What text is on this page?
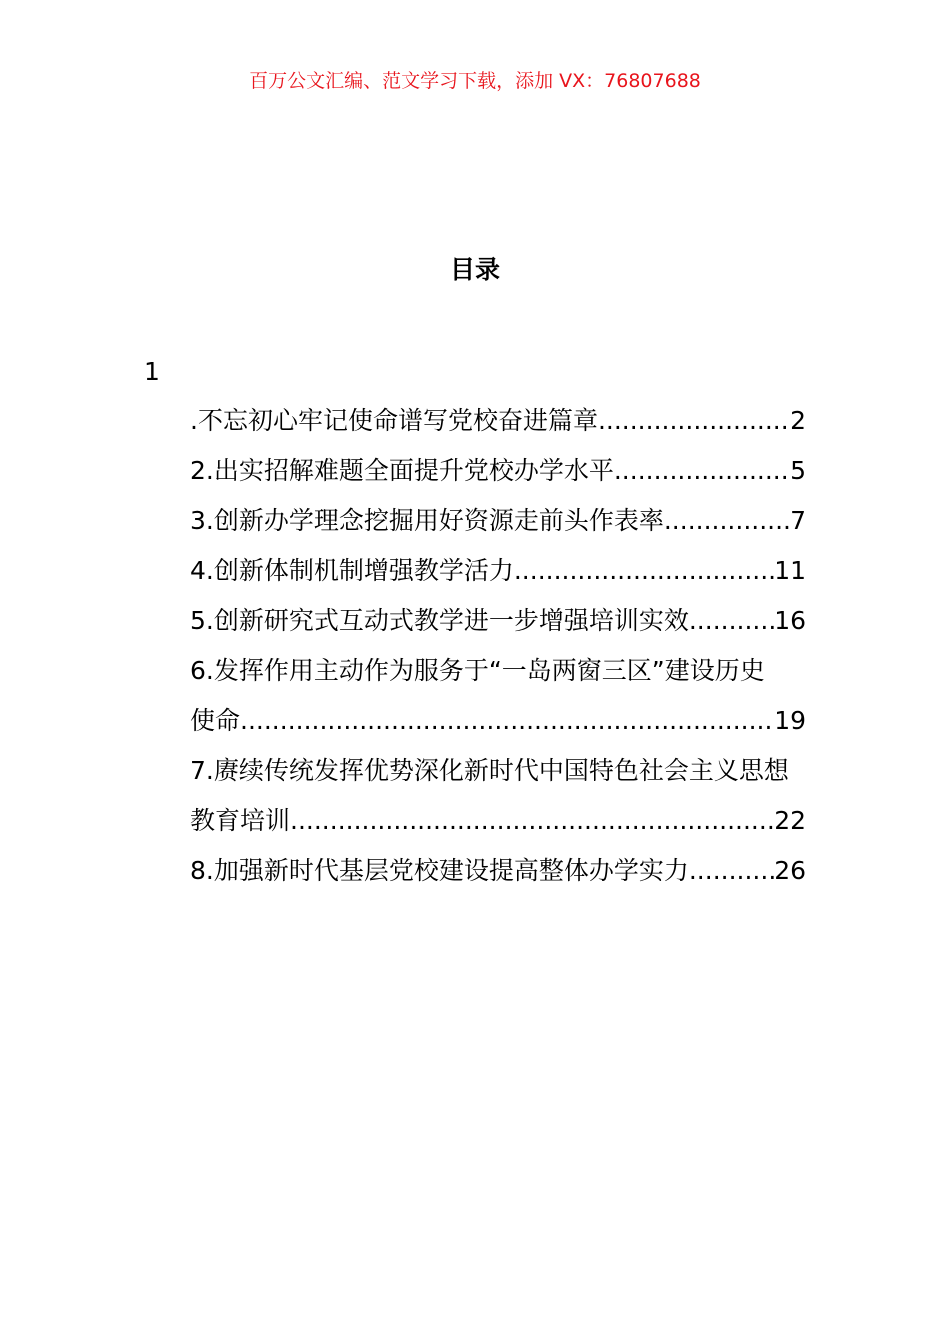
百万公文汇编、范文学习下载，添加 VX：76807688
目录
1
.不忘初心牢记使命谱写党校奋进篇章 .....	2
2.出实招解难题全面提升党校办学水平 .....	5
3.创新办学理念挖掘用好资源走前头作表率 .....	7
4.创新体制机制增强教学活力 .....	11
5.创新研究式互动式教学进一步增强培训实效 .....	16
6.发挥作用主动作为服务于“一岛两窗三区”建设历史
使命 .....	19
7.赓续传统发挥优势深化新时代中国特色社会主义思想
教育培训 .....	22
8.加强新时代基层党校建设提高整体办学实力 .....	26
